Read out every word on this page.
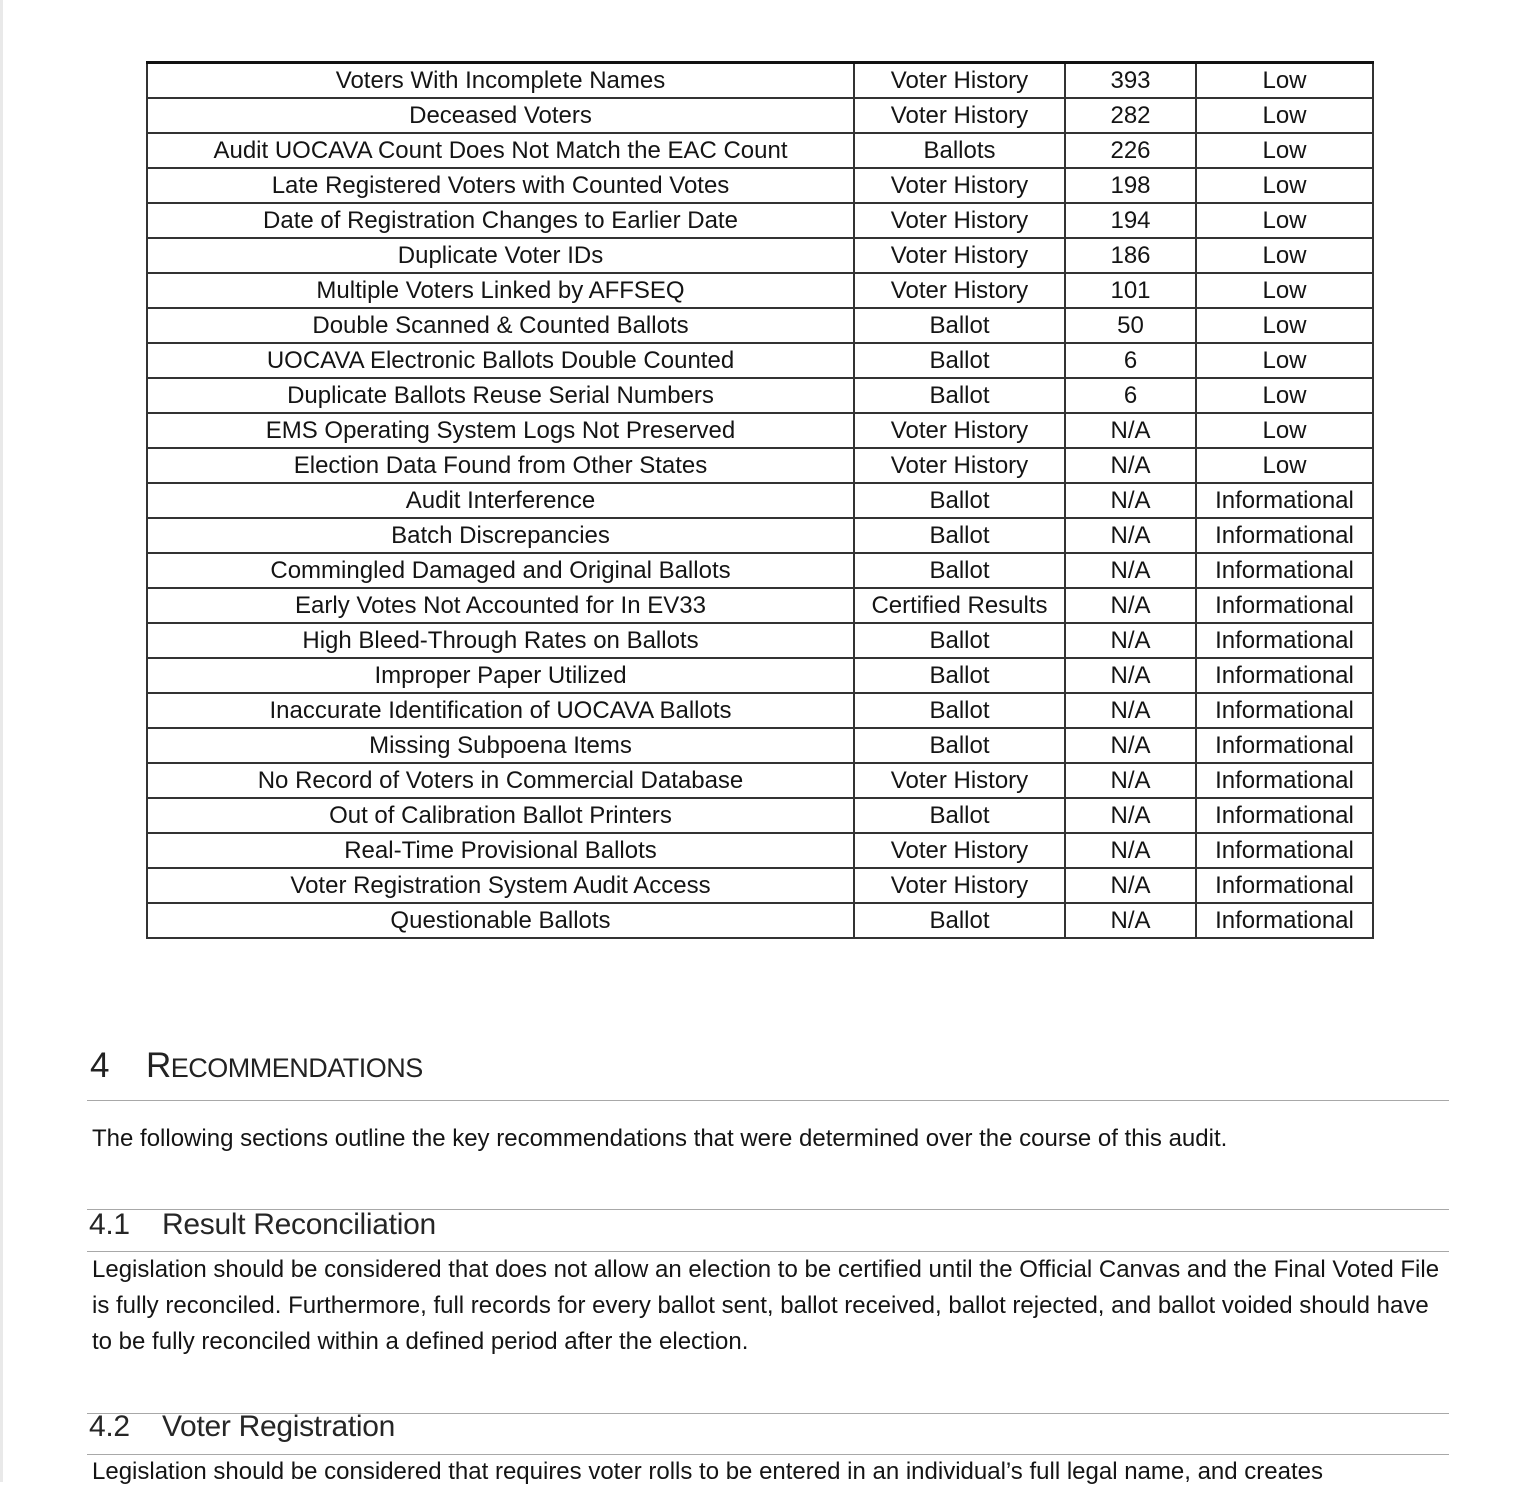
Voters With Incomplete Names	Voter History	393	Low
Deceased Voters	Voter History	282	Low
Audit UOCAVA Count Does Not Match the EAC Count	Ballots	226	Low
Late Registered Voters with Counted Votes	Voter History	198	Low
Date of Registration Changes to Earlier Date	Voter History	194	Low
Duplicate Voter IDs	Voter History	186	Low
Multiple Voters Linked by AFFSEQ	Voter History	101	Low
Double Scanned & Counted Ballots	Ballot	50	Low
UOCAVA Electronic Ballots Double Counted	Ballot	6	Low
Duplicate Ballots Reuse Serial Numbers	Ballot	6	Low
EMS Operating System Logs Not Preserved	Voter History	N/A	Low
Election Data Found from Other States	Voter History	N/A	Low
Audit Interference	Ballot	N/A	Informational
Batch Discrepancies	Ballot	N/A	Informational
Commingled Damaged and Original Ballots	Ballot	N/A	Informational
Early Votes Not Accounted for In EV33	Certified Results	N/A	Informational
High Bleed-Through Rates on Ballots	Ballot	N/A	Informational
Improper Paper Utilized	Ballot	N/A	Informational
Inaccurate Identification of UOCAVA Ballots	Ballot	N/A	Informational
Missing Subpoena Items	Ballot	N/A	Informational
No Record of Voters in Commercial Database	Voter History	N/A	Informational
Out of Calibration Ballot Printers	Ballot	N/A	Informational
Real-Time Provisional Ballots	Voter History	N/A	Informational
Voter Registration System Audit Access	Voter History	N/A	Informational
Questionable Ballots	Ballot	N/A	Informational
4 RECOMMENDATIONS
The following sections outline the key recommendations that were determined over the course of this audit.
4.1 Result Reconciliation
Legislation should be considered that does not allow an election to be certified until the Official Canvas and the Final Voted File is fully reconciled. Furthermore, full records for every ballot sent, ballot received, ballot rejected, and ballot voided should have to be fully reconciled within a defined period after the election.
4.2 Voter Registration
Legislation should be considered that requires voter rolls to be entered in an individual’s full legal name, and creates
